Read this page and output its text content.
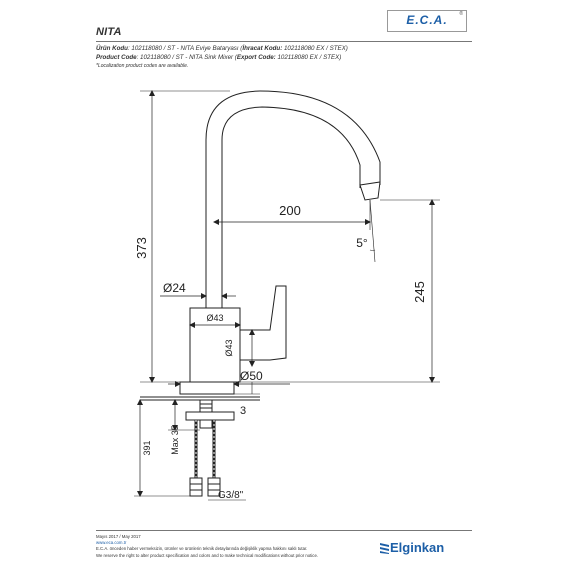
NITA
E.C.A.	®
Ürün Kodu: 102118080 / ST - NITA Eviye Bataryası (İhracat Kodu: 102118080 EX / STEX)
Product Code: 102118080 / ST - NITA Sink Mixer (Export Code: 102118080 EX / STEX)
*Localization product codes are available.
373
200
5°
245
Ø24
Ø43
Ø43
Ø50
3
Max 35
391
G3/8"
Mayıs 2017 / May 2017
www.eca.com.tr
E.C.A. önceden haber vermeksizin, ürünler ve ürünlerin teknik detaylarında değişiklik yapma hakkını saklı tutar.
We reserve the right to alter product specification and colors and to make technical modifications without prior notice.
Elginkan
